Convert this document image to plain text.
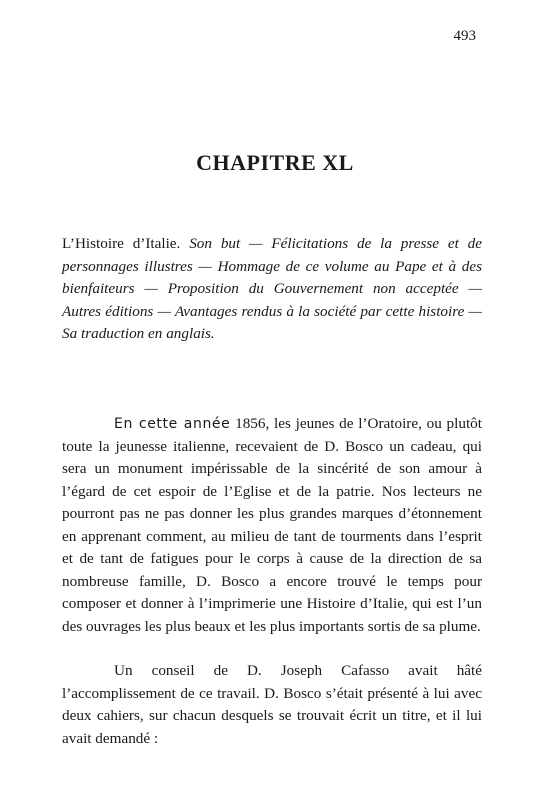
493
CHAPITRE XL
L’Histoire d’Italie. Son but — Félicitations de la presse et de personnages illustres — Hommage de ce volume au Pape et à des bienfaiteurs — Proposition du Gouvernement non acceptée — Autres éditions — Avantages rendus à la société par cette histoire — Sa traduction en anglais.

En cette année 1856, les jeunes de l’Oratoire, ou plutôt toute la jeunesse italienne, recevaient de D. Bosco un cadeau, qui sera un monument impérissable de la sincérité de son amour à l’égard de cet espoir de l’Eglise et de la patrie. Nos lecteurs ne pourront pas ne pas donner les plus grandes marques d’étonnement en apprenant comment, au milieu de tant de tourments dans l’esprit et de tant de fatigues pour le corps à cause de la direction de sa nombreuse famille, D. Bosco a encore trouvé le temps pour composer et donner à l’imprimerie une Histoire d’Italie, qui est l’un des ouvrages les plus beaux et les plus importants sortis de sa plume.

Un conseil de D. Joseph Cafasso avait hâté l’accomplissement de ce travail. D. Bosco s’était présenté à lui avec deux cahiers, sur chacun desquels se trouvait écrit un titre, et il lui avait demandé :
